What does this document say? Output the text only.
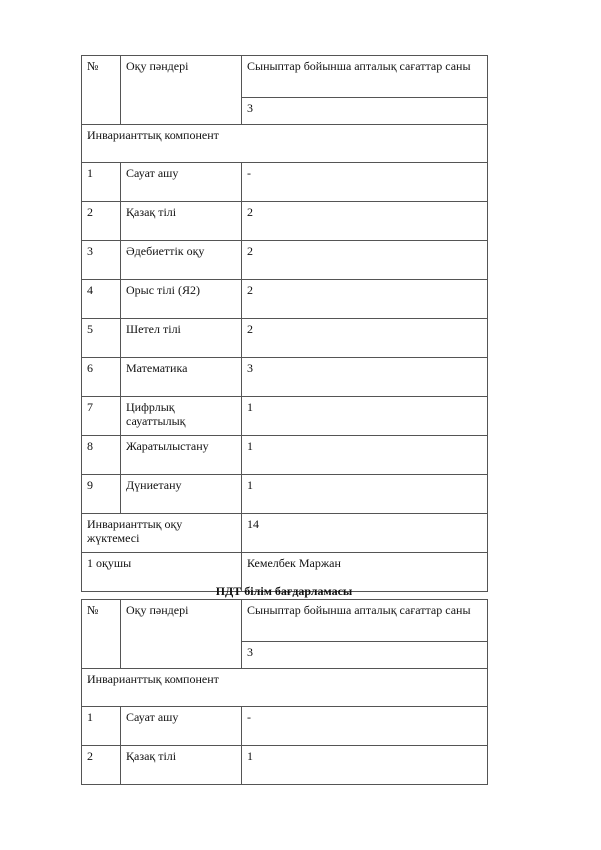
№	Оқу пәндері	Сыныптар бойынша апталық сағаттар саны
		3
Инварианттық компонент		
1	Сауат ашу	-
2	Қазақ тілі	2
3	Әдебиеттік оқу	2
4	Орыс тілі (Я2)	2
5	Шетел тілі	2
6	Математика	3
7	Цифрлық сауаттылық	1
8	Жаратылыстану	1
9	Дүниетану	1
Инварианттық оқу жүктемесі		14
1 оқушы		Кемелбек Маржан
ПДТ білім бағдарламасы
№	Оқу пәндері	Сыныптар бойынша апталық сағаттар саны
		3
Инварианттық компонент		
1	Сауат ашу	-
2	Қазақ тілі	1
